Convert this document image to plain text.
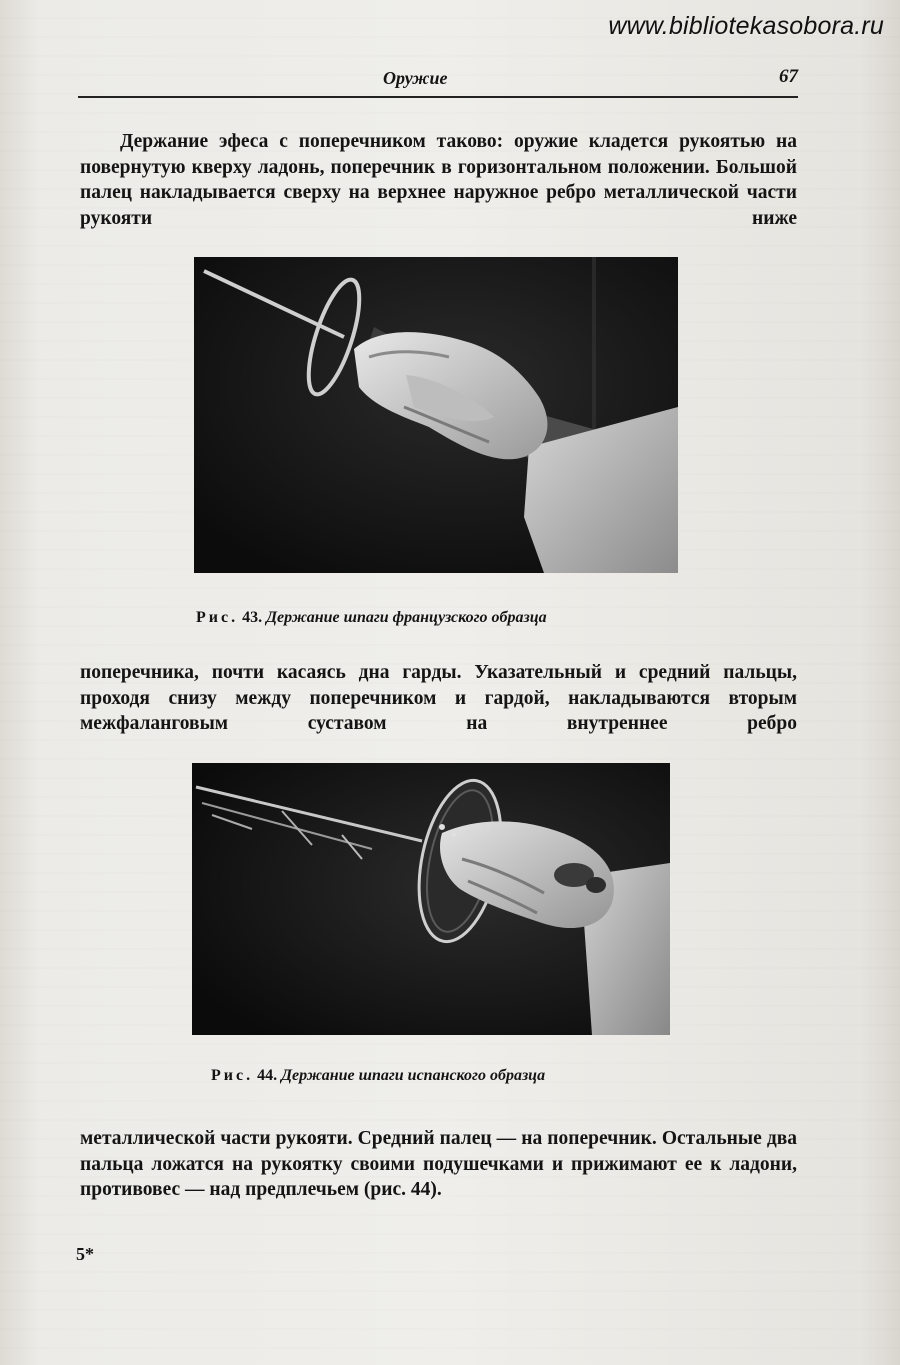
www.bibliotekasobora.ru
Оружие	67

Держание эфеса с поперечником таково: оружие кладется рукоятью на повернутую кверху ладонь, поперечник в горизонтальном положении. Большой палец накладывается сверху на верхнее наружное ребро металлической части рукояти ниже

Рис. 43. Держание шпаги французского образца

поперечника, почти касаясь дна гарды. Указательный и средний пальцы, проходя снизу между поперечником и гардой, накладываются вторым межфаланговым суставом на внутреннее ребро

Рис. 44. Держание шпаги испанского образца

металлической части рукояти. Средний палец — на поперечник. Остальные два пальца ложатся на рукоятку своими подушечками и прижимают ее к ладони, противовес — над предплечьем (рис. 44).

5*
